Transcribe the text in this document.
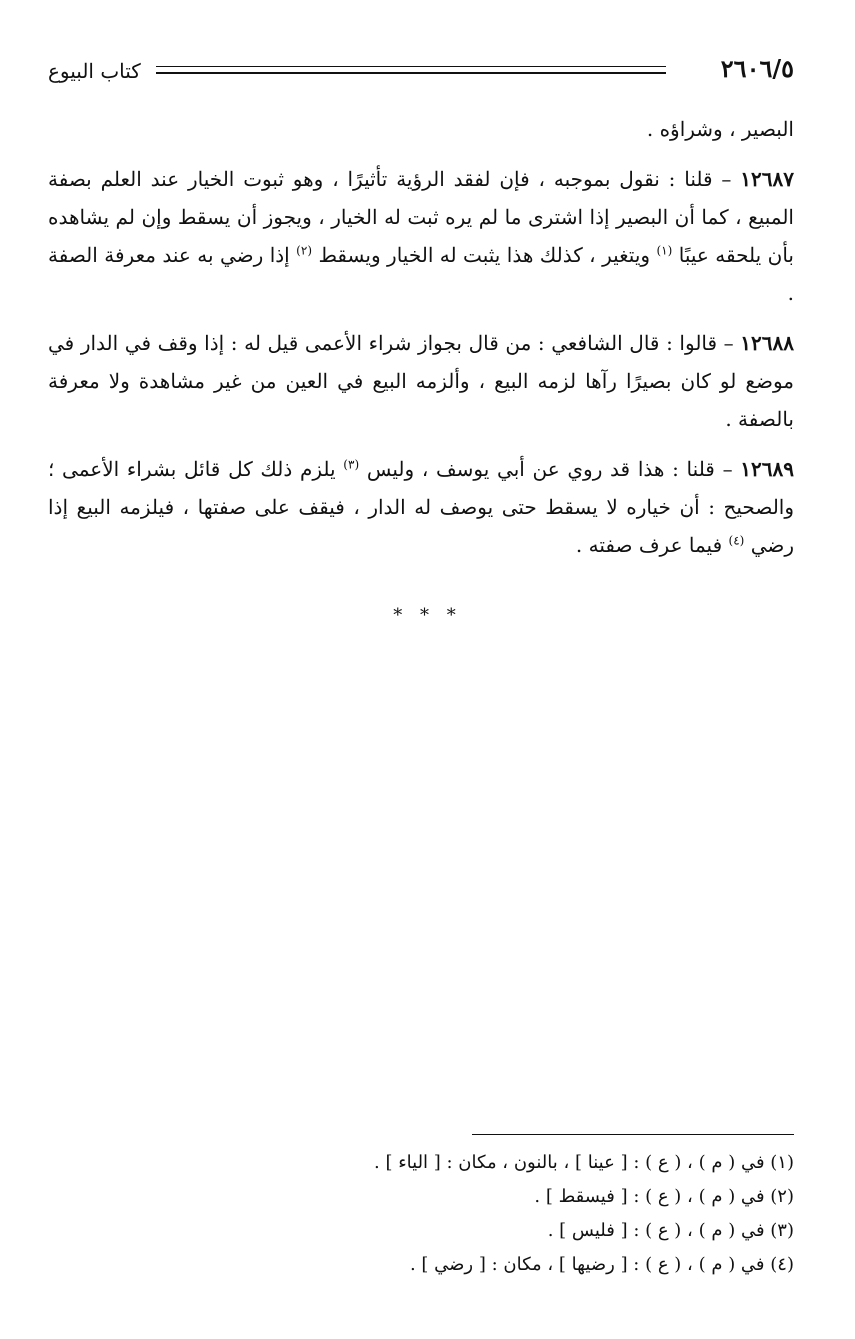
٢٦٠٦/٥
كتاب البيوع

البصير ، وشراؤه .

١٢٦٨٧ – قلنا : نقول بموجبه ، فإن لفقد الرؤية تأثيرًا ، وهو ثبوت الخيار عند العلم بصفة المبيع ، كما أن البصير إذا اشترى ما لم يره ثبت له الخيار ، ويجوز أن يسقط وإن لم يشاهده بأن يلحقه عيبًا $^{(١)}$ ويتغير ، كذلك هذا يثبت له الخيار ويسقط $^{(٢)}$ إذا رضي به عند معرفة الصفة .

١٢٦٨٨ – قالوا : قال الشافعي : من قال بجواز شراء الأعمى قيل له : إذا وقف في الدار في موضع لو كان بصيرًا رآها لزمه البيع ، وألزمه البيع في العين من غير مشاهدة ولا معرفة بالصفة .

١٢٦٨٩ – قلنا : هذا قد روي عن أبي يوسف ، وليس $^{(٣)}$ يلزم ذلك كل قائل بشراء الأعمى ؛ والصحيح : أن خياره لا يسقط حتى يوصف له الدار ، فيقف على صفتها ، فيلزمه البيع إذا رضي $^{(٤)}$ فيما عرف صفته .

* * *

(١) في ( م ) ، ( ع ) : [ عينا ] ، بالنون ، مكان : [ الياء ] .

(٢) في ( م ) ، ( ع ) : [ فيسقط ] .

(٣) في ( م ) ، ( ع ) : [ فليس ] .

(٤) في ( م ) ، ( ع ) : [ رضيها ] ، مكان : [ رضي ] .
